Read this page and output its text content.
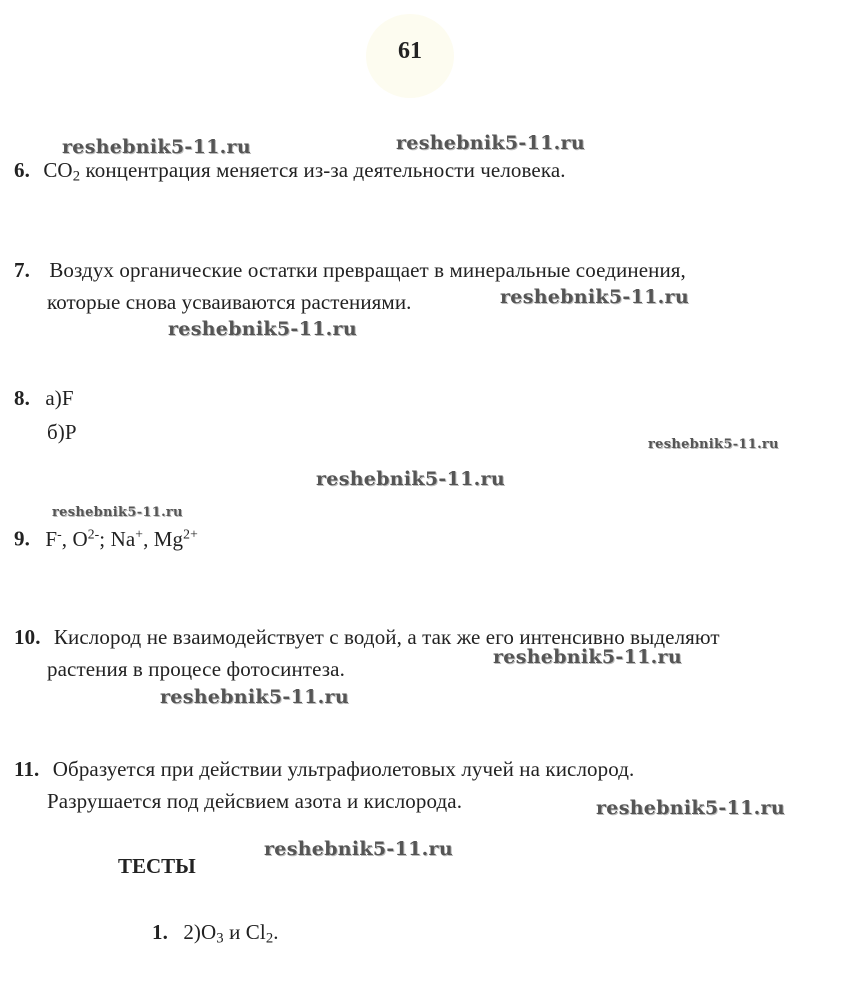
61
reshebnik5-11.ru	reshebnik5-11.ru
reshebnik5-11.ru
reshebnik5-11.ru
reshebnik5-11.ru
reshebnik5-11.ru
reshebnik5-11.ru
reshebnik5-11.ru
reshebnik5-11.ru
reshebnik5-11.ru
reshebnik5-11.ru
6. $CO_2$ концентрация меняется из-за деятельности человека.
7. Воздух органические остатки превращает в минеральные соединения,
которые снова усваиваются растениями.
8. а)F
б)P
9. F-, $O^{2-}$; Na+, $Mg^{2+}$
10. Кислород не взаимодействует с водой, а так же его интенсивно выделяют
растения в процесе фотосинтеза.
11. Образуется при действии ультрафиолетовых лучей на кислород.
Разрушается под дейсвием азота и кислорода.
ТЕСТЫ
1. $2)O_3$ и $Cl_2$.
